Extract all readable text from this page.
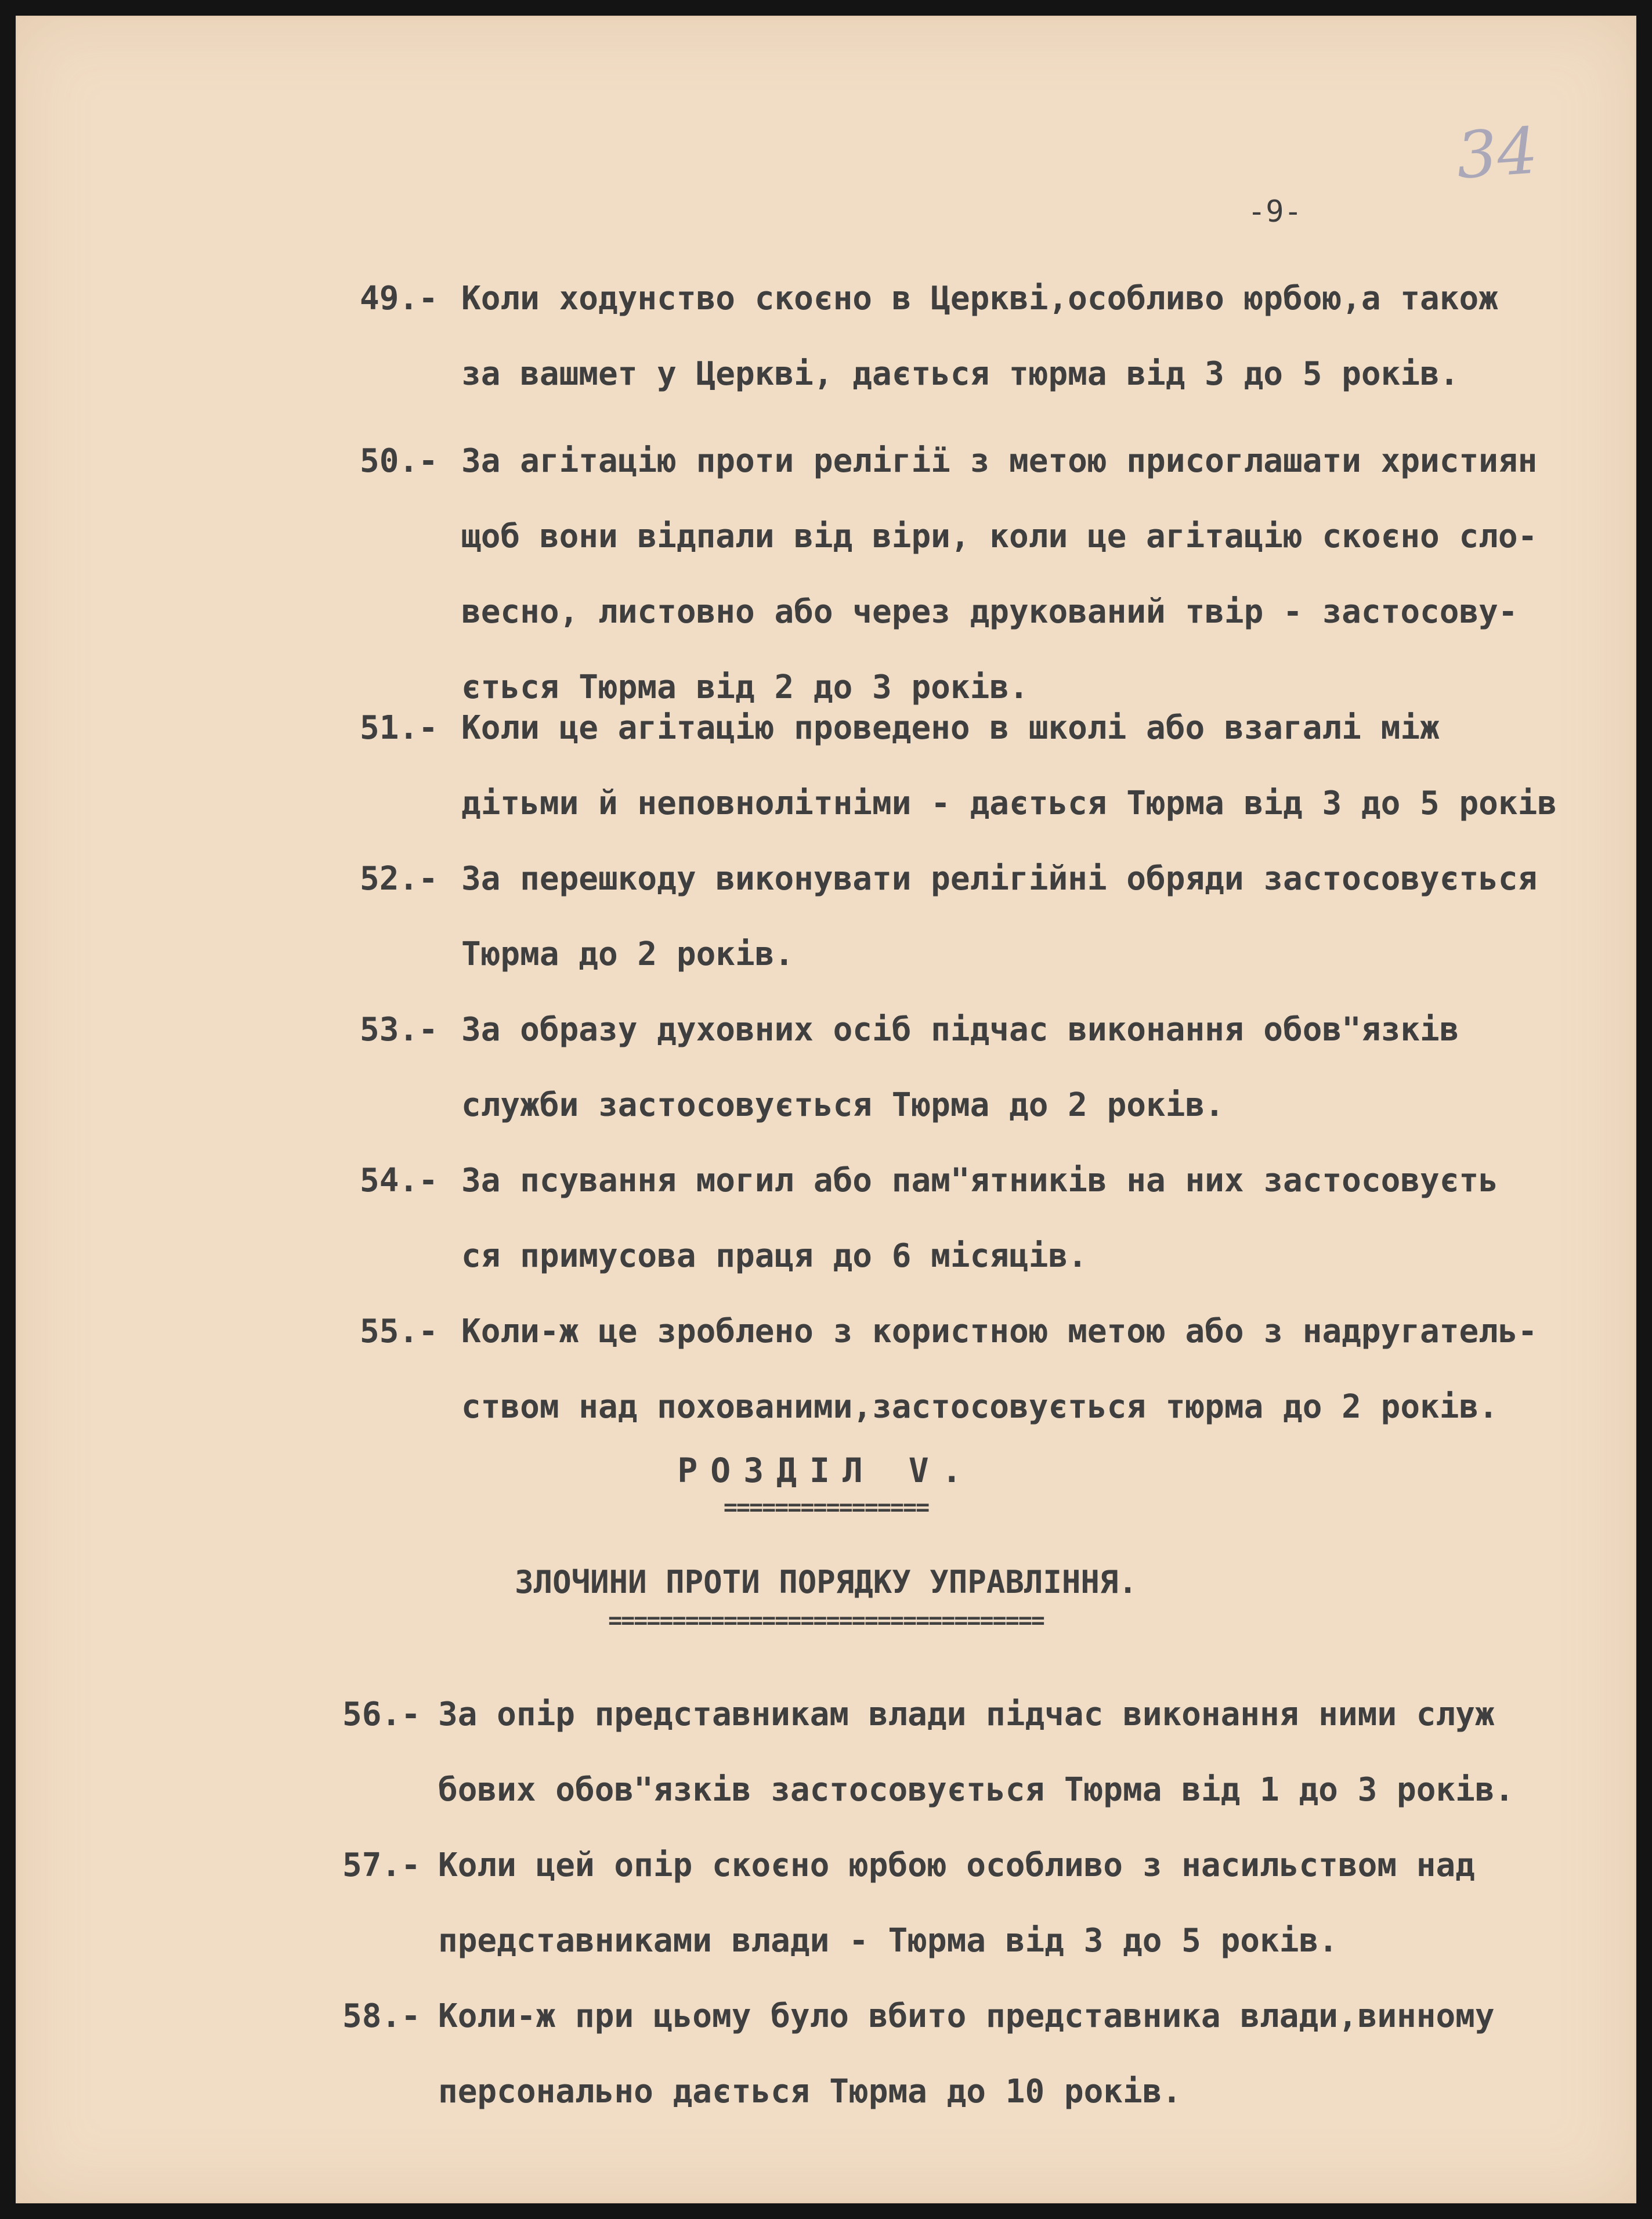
34
-9-
49.- Коли ходунство скоєно в Церкві,особливо юрбою,а також
за вашмет у Церкві, дається тюрма від 3 до 5 років.
50.- За агітацію проти релігії з метою присоглашати християн
щоб вони відпали від віри, коли це агітацію скоєно сло-
весно, листовно або через друкований твір - застосову-
ється Тюрма від 2 до 3 років.
51.- Коли це агітацію проведено в школі або взагалі між
дітьми й неповнолітніми - дається Тюрма від 3 до 5 років
52.- За перешкоду виконувати релігійні обряди застосовується
Тюрма до 2 років.
53.- За образу духовних осіб підчас виконання обов"язків
служби застосовується Тюрма до 2 років.
54.- За псування могил або пам"ятників на них застосовуєть
ся примусова праця до 6 місяців.
55.- Коли-ж це зроблено з користною метою або з надругатель-
ством над похованими,застосовується тюрма до 2 років.
РОЗДІЛ V.
================
ЗЛОЧИНИ ПРОТИ ПОРЯДКУ УПРАВЛІННЯ.
==================================
56.- За опір представникам влади підчас виконання ними служ
бових обов"язків застосовується Тюрма від 1 до 3 років.
57.- Коли цей опір скоєно юрбою особливо з насильством над
представниками влади - Тюрма від 3 до 5 років.
58.- Коли-ж при цьому було вбито представника влади,винному
персонально дається Тюрма до 10 років.
